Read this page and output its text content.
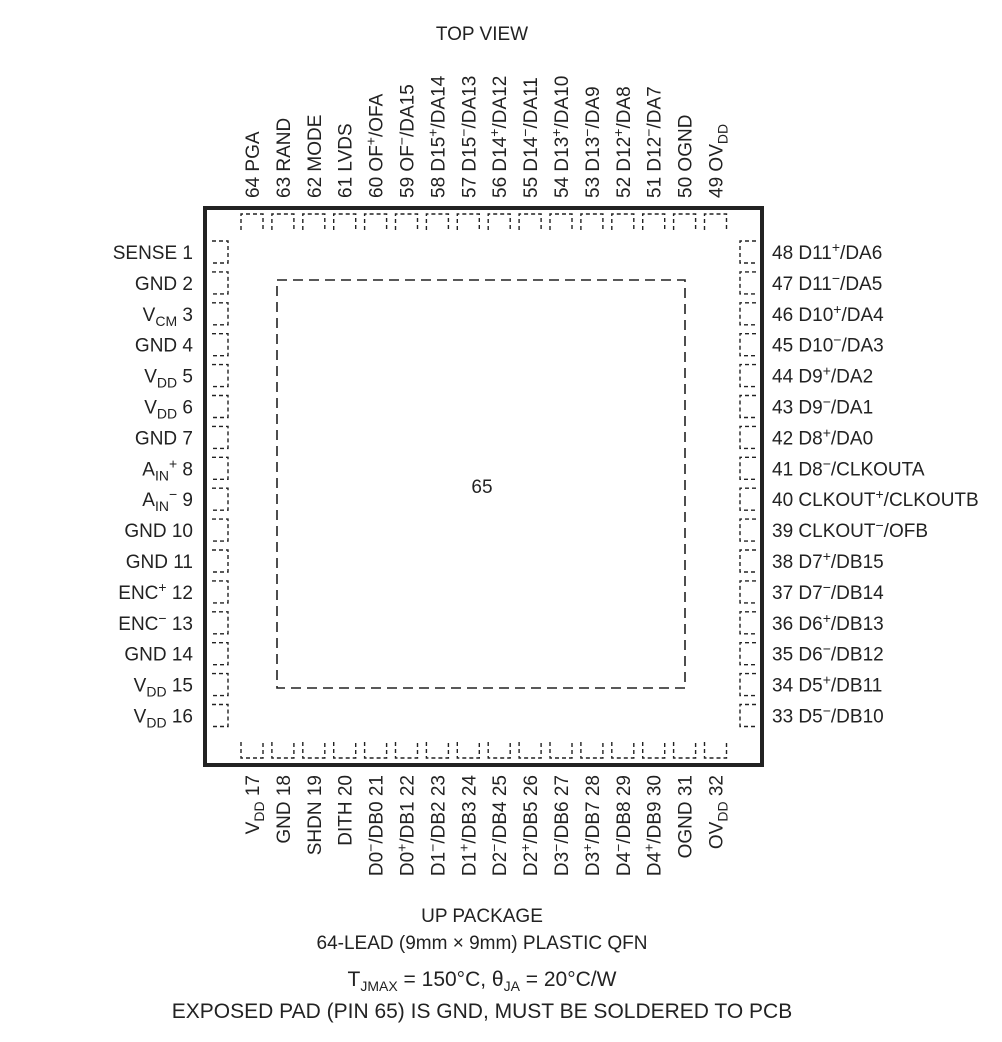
TOP VIEW
65
64 PGA 63 RAND 62 MODE 61 LVDS 60 OF+/OFA
59 OF−/DA15
58 D15+/DA14
57 D15−/DA13
56 D14+/DA12
55 D14−/DA11
54 D13+/DA10
53 D13−/DA9
52 D12+/DA8
51 D12−/DA7
50 OGND 49 $OV_{DD}$
SENSE 1
GND 2
$V_{CM}$ 3
GND 4
$V_{DD}$ 5
$V_{DD}$ 6
GND 7
$A_{IN}^+$ 8
$A_{IN}^-$ 9
GND 10
GND 11
ENC+ 12
ENC− 13
GND 14
$V_{DD}$ 15
$V_{DD}$ 16
48 D11+/DA6
47 D11−/DA5
46 D10+/DA4
45 D10−/DA3
44 D9+/DA2
43 D9−/DA1
42 D8+/DA0
41 D8−/CLKOUTA
40 CLKOUT+/CLKOUTB
39 CLKOUT−/OFB
38 D7+/DB15
37 D7−/DB14
36 D6+/DB13
35 D6−/DB12
34 D5+/DB11
33 D5−/DB10
$V_{DD}$ 17 GND 18 SHDN 19 DITH 20
D0−/DB0 21
D0+/DB1 22
D1−/DB2 23
D1+/DB3 24
D2−/DB4 25
D2+/DB5 26
D3−/DB6 27
D3+/DB7 28
D4−/DB8 29
D4+/DB9 30 OGND 31 $OV_{DD}$ 32
UP PACKAGE
64-LEAD (9mm × 9mm) PLASTIC QFN
$T_{JMAX} = 150^\circ C$, $\theta_{JA} = 20^\circ C/W$
EXPOSED PAD (PIN 65) IS GND, MUST BE SOLDERED TO PCB
